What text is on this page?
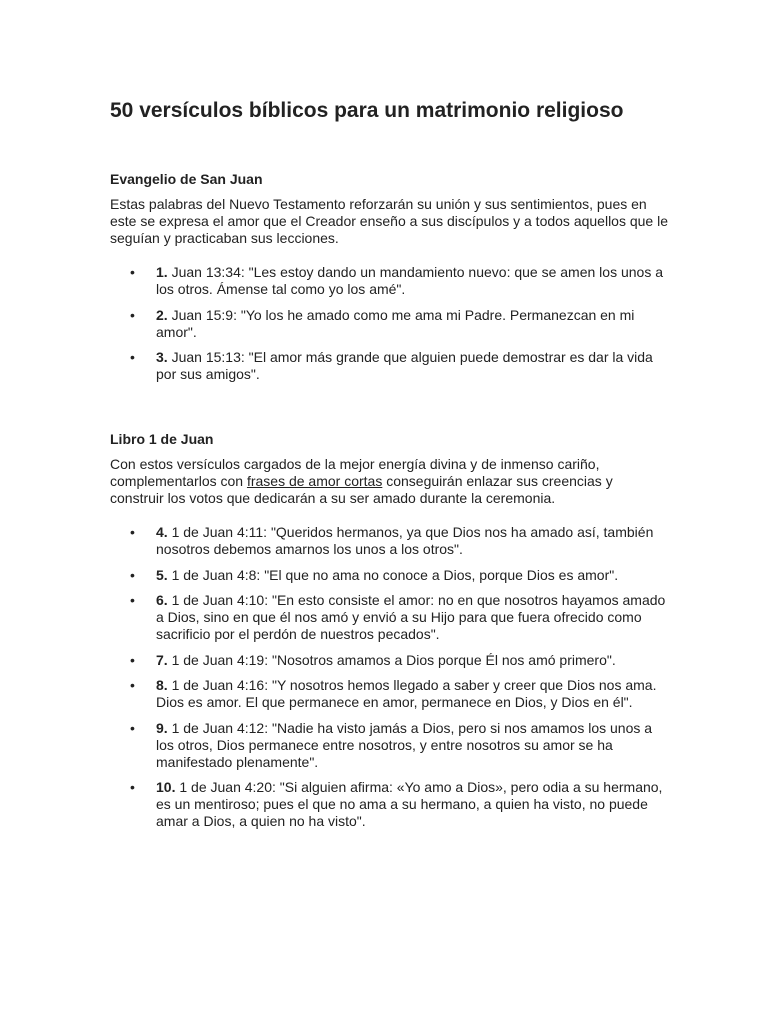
50 versículos bíblicos para un matrimonio religioso
Evangelio de San Juan

Estas palabras del Nuevo Testamento reforzarán su unión y sus sentimientos, pues en este se expresa el amor que el Creador enseño a sus discípulos y a todos aquellos que le seguían y practicaban sus lecciones.

• 1. Juan 13:34: "Les estoy dando un mandamiento nuevo: que se amen los unos a los otros. Ámense tal como yo los amé".
• 2. Juan 15:9: "Yo los he amado como me ama mi Padre. Permanezcan en mi amor".
• 3. Juan 15:13: "El amor más grande que alguien puede demostrar es dar la vida por sus amigos".
Libro 1 de Juan

Con estos versículos cargados de la mejor energía divina y de inmenso cariño, complementarlos con frases de amor cortas conseguirán enlazar sus creencias y construir los votos que dedicarán a su ser amado durante la ceremonia.

• 4. 1 de Juan 4:11: "Queridos hermanos, ya que Dios nos ha amado así, también nosotros debemos amarnos los unos a los otros".
• 5. 1 de Juan 4:8: "El que no ama no conoce a Dios, porque Dios es amor".
• 6. 1 de Juan 4:10: "En esto consiste el amor: no en que nosotros hayamos amado a Dios, sino en que él nos amó y envió a su Hijo para que fuera ofrecido como sacrificio por el perdón de nuestros pecados".
• 7. 1 de Juan 4:19: "Nosotros amamos a Dios porque Él nos amó primero".
• 8. 1 de Juan 4:16: "Y nosotros hemos llegado a saber y creer que Dios nos ama. Dios es amor. El que permanece en amor, permanece en Dios, y Dios en él".
• 9. 1 de Juan 4:12: "Nadie ha visto jamás a Dios, pero si nos amamos los unos a los otros, Dios permanece entre nosotros, y entre nosotros su amor se ha manifestado plenamente".
• 10. 1 de Juan 4:20: "Si alguien afirma: «Yo amo a Dios», pero odia a su hermano, es un mentiroso; pues el que no ama a su hermano, a quien ha visto, no puede amar a Dios, a quien no ha visto".
